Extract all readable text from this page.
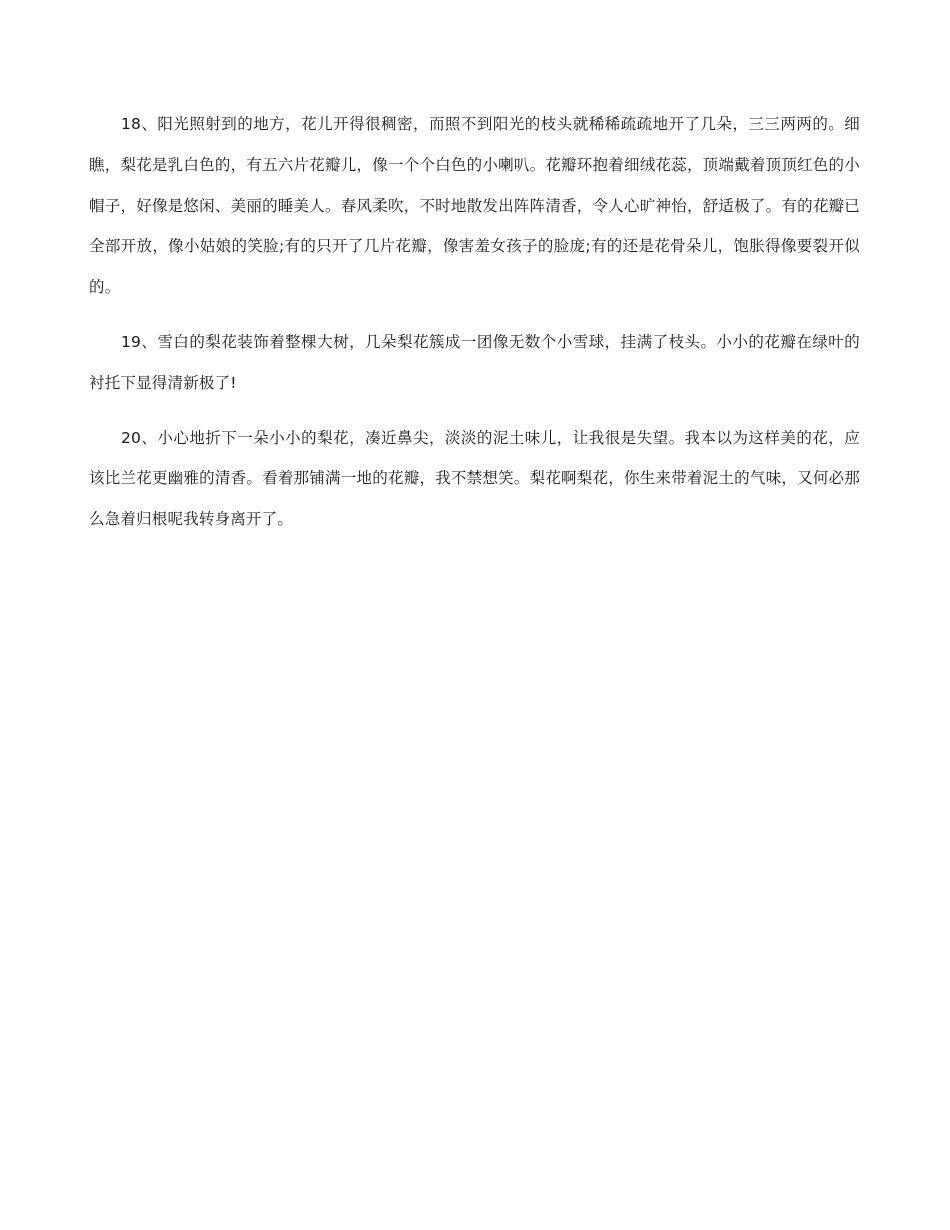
18、阳光照射到的地方，花儿开得很稠密，而照不到阳光的枝头就稀稀疏疏地开了几朵，三三两两的。细瞧，梨花是乳白色的，有五六片花瓣儿，像一个个白色的小喇叭。花瓣环抱着细绒花蕊，顶端戴着顶顶红色的小帽子，好像是悠闲、美丽的睡美人。春风柔吹，不时地散发出阵阵清香，令人心旷神怡，舒适极了。有的花瓣已全部开放，像小姑娘的笑脸;有的只开了几片花瓣，像害羞女孩子的脸庞;有的还是花骨朵儿，饱胀得像要裂开似的。

19、雪白的梨花装饰着整棵大树，几朵梨花簇成一团像无数个小雪球，挂满了枝头。小小的花瓣在绿叶的衬托下显得清新极了!

20、小心地折下一朵小小的梨花，凑近鼻尖，淡淡的泥土味儿，让我很是失望。我本以为这样美的花，应该比兰花更幽雅的清香。看着那铺满一地的花瓣，我不禁想笑。梨花啊梨花，你生来带着泥土的气味，又何必那么急着归根呢我转身离开了。
